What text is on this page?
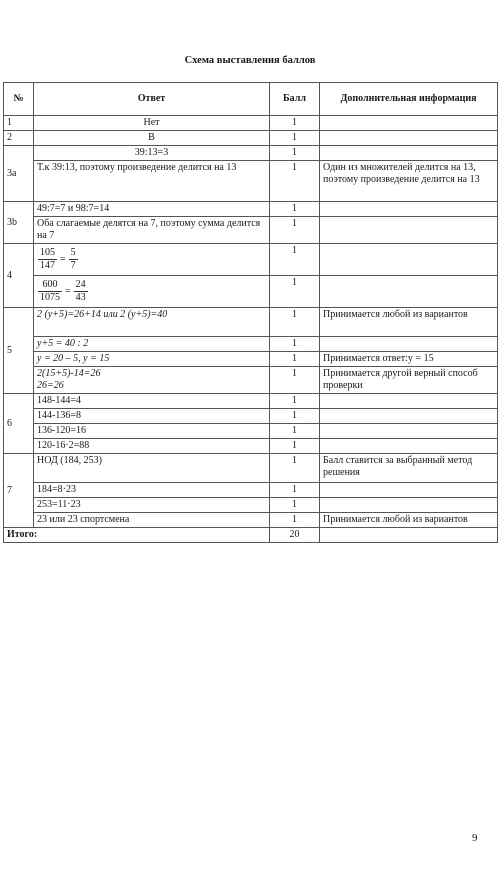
Схема выставления баллов
№	Ответ	Балл	Дополнительная информация
1	Нет	1	
2	В	1	
3a	39:13=3	1	
	Т.к 39:13, поэтому произведение делится на 13	1	Один из множителей делится на 13, поэтому произведение делится на 13
3b	49:7=7 и 98:7=14	1	
	Оба слагаемые делятся на 7, поэтому сумма делится на 7	1	
4	$\frac{105}{147} = \frac{5}{7}$	1	

	$\frac{600}{1075} = \frac{24}{43}$	1	
5	2 (y+5)=26+14 или 2 (y+5)=40	1	Принимается любой из вариантов
	y+5 = 40 : 2	1	
	y = 20 – 5, y = 15	1	Принимается ответ:y = 15

	2(15+5)-14=26
26=26	1	Принимается другой верный способ проверки
6	148-144=4	1	
	144-136=8	1	
	136-120=16	1	
	120-16·2=88	1	
7	НОД (184, 253)	1	Балл ставится за выбранный метод решения
	184=8·23	1	
	253=11·23	1	
	23 или 23 спортсмена	1	Принимается любой из вариантов
Итого:		20	
9
